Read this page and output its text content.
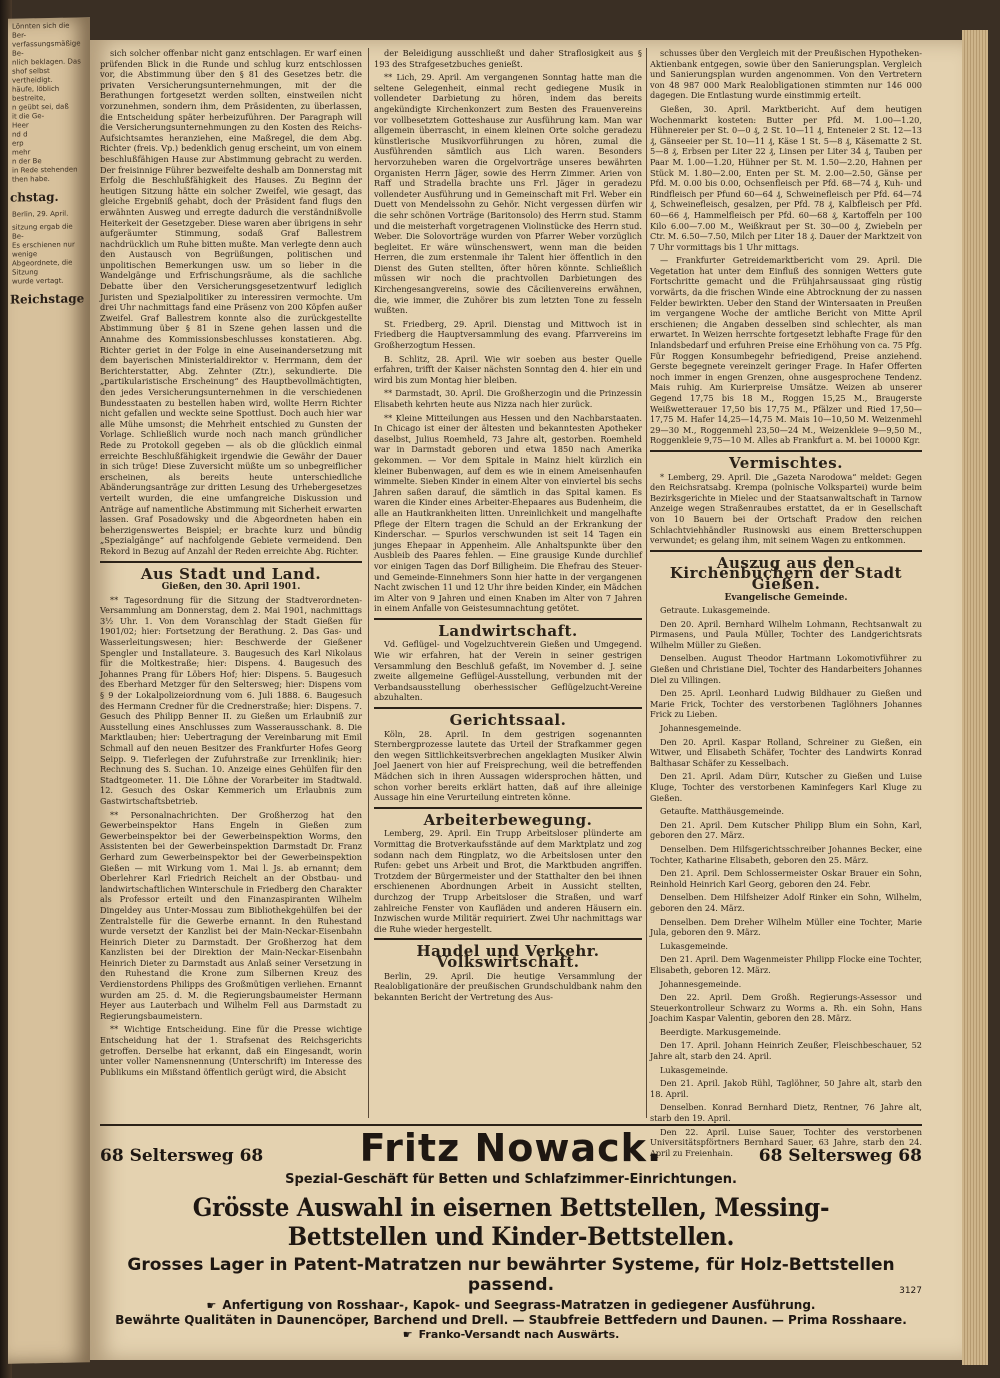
Lönnten sich die Ber-
verfassungsmäßige Be-
nlich beklagen. Das
shof selbst vertheidigt.
häufe, löblich bestreite,
n geübt sei, daß
it die Ge-
Heer
nd d
erp
mehr
n der Be
in Rede stehenden
then habe.
chstag.
Berlin, 29. April.
sitzung ergab die Be-
Es erschienen nur wenige
Abgeordnete, die Sitzung
wurde vertagt.
Reichstage

sich solcher offenbar nicht ganz entschlagen. Er warf einen prüfenden Blick in die Runde und schlug kurz entschlossen vor, die Abstimmung über den § 81 des Gesetzes betr. die privaten Versicherungsunternehmungen, mit der die Berathungen fortgesetzt werden sollten, einstweilen nicht vorzunehmen, sondern ihm, dem Präsidenten, zu überlassen, die Entscheidung später herbeizuführen. Der Paragraph will die Versicherungsunternehmungen zu den Kosten des Reichs-Aufsichtsamtes heranziehen, eine Maßregel, die dem Abg. Richter (freis. Vp.) bedenklich genug erscheint, um von einem beschlußfähigen Hause zur Abstimmung gebracht zu werden. Der freisinnige Führer bezweifelte deshalb am Donnerstag mit Erfolg die Beschlußfähigkeit des Hauses. Zu Beginn der heutigen Sitzung hätte ein solcher Zweifel, wie gesagt, das gleiche Ergebniß gehabt, doch der Präsident fand flugs den erwähnten Ausweg und erregte dadurch die verständnißvolle Heiterkeit der Gesetzgeber. Diese waren aber übrigens in sehr aufgeräumter Stimmung, sodaß Graf Ballestrem nachdrücklich um Ruhe bitten mußte. Man verlegte denn auch den Austausch von Begrüßungen, politischen und unpolitischen Bemerkungen usw. um so lieber in die Wandelgänge und Erfrischungsräume, als die sachliche Debatte über den Versicherungsgesetzentwurf lediglich Juristen und Spezialpolitiker zu interessiren vermochte. Um drei Uhr nachmittags fand eine Präsenz von 200 Köpfen außer Zweifel. Graf Ballestrem konnte also die zurückgestellte Abstimmung über § 81 in Szene gehen lassen und die Annahme des Kommissionsbeschlusses konstatieren. Abg. Richter geriet in der Folge in eine Auseinandersetzung mit dem bayerischen Ministerialdirektor v. Herrmann, dem der Berichterstatter, Abg. Zehnter (Ztr.), sekundierte. Die „partikularistische Erscheinung“ des Hauptbevollmächtigten, den jedes Versicherungsunternehmen in die verschiedenen Bundesstaaten zu bestellen haben wird, wollte Herrn Richter nicht gefallen und weckte seine Spottlust. Doch auch hier war alle Mühe umsonst; die Mehrheit entschied zu Gunsten der Vorlage. Schließlich wurde noch nach manch gründlicher Rede zu Protokoll gegeben — als ob die glücklich einmal erreichte Beschlußfähigkeit irgendwie die Gewähr der Dauer in sich trüge! Diese Zuversicht müßte um so unbegreiflicher erscheinen, als bereits heute unterschiedliche Abänderungsanträge zur dritten Lesung des Urhebergesetzes verteilt wurden, die eine umfangreiche Diskussion und Anträge auf namentliche Abstimmung mit Sicherheit erwarten lassen. Graf Posadowsky und die Abgeordneten haben ein beherzigenswertes Beispiel; er brachte kurz und bündig „Spezialgänge“ auf nachfolgende Gebiete vermeidend. Den Rekord in Bezug auf Anzahl der Reden erreichte Abg. Richter.

Aus Stadt und Land.
Gießen, den 30. April 1901.

** Tagesordnung für die Sitzung der Stadtverordneten-Versammlung am Donnerstag, dem 2. Mai 1901, nachmittags 3½ Uhr. 1. Von dem Voranschlag der Stadt Gießen für 1901/02; hier: Fortsetzung der Berathung. 2. Das Gas- und Wasserleitungswesen; hier: Beschwerde der Gießener Spengler und Installateure. 3. Baugesuch des Karl Nikolaus für die Moltkestraße; hier: Dispens. 4. Baugesuch des Johannes Prang für Löbers Hof; hier: Dispens. 5. Baugesuch des Eberhard Metzger für den Seltersweg; hier: Dispens vom § 9 der Lokalpolizeiordnung vom 6. Juli 1888. 6. Baugesuch des Hermann Credner für die Crednerstraße; hier: Dispens. 7. Gesuch des Philipp Benner II. zu Gießen um Erlaubniß zur Ausstellung eines Anschlusses zum Wasserausschank. 8. Die Marktlauben; hier: Uebertragung der Vereinbarung mit Emil Schmall auf den neuen Besitzer des Frankfurter Hofes Georg Seipp. 9. Tieferlegen der Zufuhrstraße zur Irrenklinik; hier: Rechnung des S. Suchan. 10. Anzeige eines Gehülfen für den Stadtgeometer. 11. Die Löhne der Vorarbeiter im Stadtwald. 12. Gesuch des Oskar Kemmerich um Erlaubnis zum Gastwirtschaftsbetrieb.

** Personalnachrichten. Der Großherzog hat den Gewerbeinspektor Hans Engeln in Gießen zum Gewerbeinspektor bei der Gewerbeinspektion Worms, den Assistenten bei der Gewerbeinspektion Darmstadt Dr. Franz Gerhard zum Gewerbeinspektor bei der Gewerbeinspektion Gießen — mit Wirkung vom 1. Mai l. Js. ab ernannt; dem Oberlehrer Karl Friedrich Reichelt an der Obstbau- und landwirtschaftlichen Winterschule in Friedberg den Charakter als Professor erteilt und den Finanzaspiranten Wilhelm Dingeldey aus Unter-Mossau zum Bibliothekgehülfen bei der Zentralstelle für die Gewerbe ernannt. In den Ruhestand wurde versetzt der Kanzlist bei der Main-Neckar-Eisenbahn Heinrich Dieter zu Darmstadt. Der Großherzog hat dem Kanzlisten bei der Direktion der Main-Neckar-Eisenbahn Heinrich Dieter zu Darmstadt aus Anlaß seiner Versetzung in den Ruhestand die Krone zum Silbernen Kreuz des Verdienstordens Philipps des Großmütigen verliehen. Ernannt wurden am 25. d. M. die Regierungsbaumeister Hermann Heyer aus Lauterbach und Wilhelm Fell aus Darmstadt zu Regierungsbaumeistern.

** Wichtige Entscheidung. Eine für die Presse wichtige Entscheidung hat der 1. Strafsenat des Reichsgerichts getroffen. Derselbe hat erkannt, daß ein Eingesandt, worin unter voller Namensnennung (Unterschrift) im Interesse des Publikums ein Mißstand öffentlich gerügt wird, die Absicht

der Beleidigung ausschließt und daher Straflosigkeit aus § 193 des Strafgesetzbuches genießt.

** Lich, 29. April. Am vergangenen Sonntag hatte man die seltene Gelegenheit, einmal recht gediegene Musik in vollendeter Darbietung zu hören, indem das bereits angekündigte Kirchenkonzert zum Besten des Frauenvereins vor vollbesetztem Gotteshause zur Ausführung kam. Man war allgemein überrascht, in einem kleinen Orte solche geradezu künstlerische Musikvorführungen zu hören, zumal die Ausführenden sämtlich aus Lich waren. Besonders hervorzuheben waren die Orgelvorträge unseres bewährten Organisten Herrn Jäger, sowie des Herrn Zimmer. Arien von Raff und Stradella brachte uns Frl. Jäger in geradezu vollendeter Ausführung und in Gemeinschaft mit Frl. Weber ein Duett von Mendelssohn zu Gehör. Nicht vergessen dürfen wir die sehr schönen Vorträge (Baritonsolo) des Herrn stud. Stamm und die meisterhaft vorgetragenen Violinstücke des Herrn stud. Weber. Die Solovorträge wurden von Pfarrer Weber vorzüglich begleitet. Er wäre wünschenswert, wenn man die beiden Herren, die zum erstenmale ihr Talent hier öffentlich in den Dienst des Guten stellten, öfter hören könnte. Schließlich müssen wir noch die prachtvollen Darbietungen des Kirchengesangvereins, sowie des Cäcilienvereins erwähnen, die, wie immer, die Zuhörer bis zum letzten Tone zu fesseln wußten.

St. Friedberg, 29. April. Dienstag und Mittwoch ist in Friedberg die Hauptversammlung des evang. Pfarrvereins im Großherzogtum Hessen.

B. Schlitz, 28. April. Wie wir soeben aus bester Quelle erfahren, trifft der Kaiser nächsten Sonntag den 4. hier ein und wird bis zum Montag hier bleiben.

** Darmstadt, 30. April. Die Großherzogin und die Prinzessin Elisabeth kehrten heute aus Nizza nach hier zurück.

** Kleine Mitteilungen aus Hessen und den Nachbarstaaten. In Chicago ist einer der ältesten und bekanntesten Apotheker daselbst, Julius Roemheld, 73 Jahre alt, gestorben. Roemheld war in Darmstadt geboren und etwa 1850 nach Amerika gekommen. — Vor dem Spitale in Mainz hielt kürzlich ein kleiner Bubenwagen, auf dem es wie in einem Ameisenhaufen wimmelte. Sieben Kinder in einem Alter von einviertel bis sechs Jahren saßen darauf, die sämtlich in das Spital kamen. Es waren die Kinder eines Arbeiter-Ehepaares aus Budenheim, die alle an Hautkrankheiten litten. Unreinlichkeit und mangelhafte Pflege der Eltern tragen die Schuld an der Erkrankung der Kinderschar. — Spurlos verschwunden ist seit 14 Tagen ein junges Ehepaar in Appenheim. Alle Anhaltspunkte über den Ausbleib des Paares fehlen. — Eine grausige Kunde durchlief vor einigen Tagen das Dorf Billigheim. Die Ehefrau des Steuer- und Gemeinde-Einnehmers Sonn hier hatte in der vergangenen Nacht zwischen 11 und 12 Uhr ihre beiden Kinder, ein Mädchen im Alter von 9 Jahren und einen Knaben im Alter von 7 Jahren in einem Anfalle von Geistesumnachtung getötet.

Landwirtschaft.

Vd. Geflügel- und Vogelzuchtverein Gießen und Umgegend. Wie wir erfahren, hat der Verein in seiner gestrigen Versammlung den Beschluß gefaßt, im November d. J. seine zweite allgemeine Geflügel-Ausstellung, verbunden mit der Verbandsausstellung oberhessischer Geflügelzucht-Vereine abzuhalten.

Gerichtssaal.

Köln, 28. April. In dem gestrigen sogenannten Sternbergprozesse lautete das Urteil der Strafkammer gegen den wegen Sittlichkeitsverbrechen angeklagten Musiker Alwin Joel Jaenert von hier auf Freisprechung, weil die betreffenden Mädchen sich in ihren Aussagen widersprochen hätten, und schon vorher bereits erklärt hatten, daß auf ihre alleinige Aussage hin eine Verurteilung eintreten könne.

Arbeiterbewegung.

Lemberg, 29. April. Ein Trupp Arbeitsloser plünderte am Vormittag die Brotverkaufsstände auf dem Marktplatz und zog sodann nach dem Ringplatz, wo die Arbeitslosen unter den Rufen: gebet uns Arbeit und Brot, die Marktbuden angriffen. Trotzdem der Bürgermeister und der Statthalter den bei ihnen erschienenen Abordnungen Arbeit in Aussicht stellten, durchzog der Trupp Arbeitsloser die Straßen, und warf zahlreiche Fenster von Kaufläden und anderen Häusern ein. Inzwischen wurde Militär requiriert. Zwei Uhr nachmittags war die Ruhe wieder hergestellt.

Handel und Verkehr. Volkswirtschaft.

Berlin, 29. April. Die heutige Versammlung der Realobligationäre der preußischen Grundschuldbank nahm den bekannten Bericht der Vertretung des Aus-

schusses über den Vergleich mit der Preußischen Hypotheken-Aktienbank entgegen, sowie über den Sanierungsplan. Vergleich und Sanierungsplan wurden angenommen. Von den Vertretern von 48 987 000 Mark Realobligationen stimmten nur 146 000 dagegen. Die Entlastung wurde einstimmig erteilt.

Gießen, 30. April. Marktbericht. Auf dem heutigen Wochenmarkt kosteten: Butter per Pfd. M. 1.00—1.20, Hühnereier per St. 0—0 ₰, 2 St. 10—11 ₰, Enteneier 2 St. 12—13 ₰, Gänseeier per St. 10—11 ₰, Käse 1 St. 5—8 ₰, Käsematte 2 St. 5—8 ₰, Erbsen per Liter 22 ₰, Linsen per Liter 34 ₰, Tauben per Paar M. 1.00—1.20, Hühner per St. M. 1.50—2.20, Hahnen per Stück M. 1.80—2.00, Enten per St. M. 2.00—2.50, Gänse per Pfd. M. 0.00 bis 0.00, Ochsenfleisch per Pfd. 68—74 ₰, Kuh- und Rindfleisch per Pfund 60—64 ₰, Schweinefleisch per Pfd. 64—74 ₰, Schweinefleisch, gesalzen, per Pfd. 78 ₰, Kalbfleisch per Pfd. 60—66 ₰, Hammelfleisch per Pfd. 60—68 ₰, Kartoffeln per 100 Kilo 6.00—7.00 M., Weißkraut per St. 30—00 ₰, Zwiebeln per Ctr. M. 6.50—7.50, Milch per Liter 18 ₰. Dauer der Marktzeit von 7 Uhr vormittags bis 1 Uhr mittags.

— Frankfurter Getreidemarktbericht vom 29. April. Die Vegetation hat unter dem Einfluß des sonnigen Wetters gute Fortschritte gemacht und die Frühjahrsaussaat ging rüstig vorwärts, da die frischen Winde eine Abtrocknung der zu nassen Felder bewirkten. Ueber den Stand der Wintersaaten in Preußen im vergangene Woche der amtliche Bericht von Mitte April erschienen; die Angaben desselben sind schlechter, als man erwartet. In Weizen herrschte fortgesetzt lebhafte Frage für den Inlandsbedarf und erfuhren Preise eine Erhöhung von ca. 75 Pfg. Für Roggen Konsumbegehr befriedigend, Preise anziehend. Gerste begegnete vereinzelt geringer Frage. In Hafer Offerten noch immer in engen Grenzen, ohne ausgesprochene Tendenz. Mais ruhig. Am Kurierpreise Umsätze. Weizen ab unserer Gegend 17,75 bis 18 M., Roggen 15,25 M., Braugerste Weißwetterauer 17,50 bis 17,75 M., Pfälzer und Ried 17,50—17,75 M. Hafer 14,25—14,75 M. Mais 10—10,50 M. Weizenmehl 29—30 M., Roggenmehl 23,50—24 M., Weizenkleie 9—9,50 M., Roggenkleie 9,75—10 M. Alles ab Frankfurt a. M. bei 10000 Kgr.

Vermischtes.

* Lemberg, 29. April. Die „Gazeta Narodowa“ meldet: Gegen den Reichsratsabg. Krempa (polnische Volkspartei) wurde beim Bezirksgerichte in Mielec und der Staatsanwaltschaft in Tarnow Anzeige wegen Straßenraubes erstattet, da er in Gesellschaft von 10 Bauern bei der Ortschaft Pradow den reichen Schlachtviehhändler Rusinowski aus einem Bretterschuppen verwundet; es gelang ihm, mit seinem Wagen zu entkommen.

Auszug aus den Kirchenbüchern der Stadt Gießen.
Evangelische Gemeinde.

Getraute. Lukasgemeinde.

Den 20. April. Bernhard Wilhelm Lohmann, Rechtsanwalt zu Pirmasens, und Paula Müller, Tochter des Landgerichtsrats Wilhelm Müller zu Gießen.

Denselben. August Theodor Hartmann Lokomotivführer zu Gießen und Christiane Diel, Tochter des Handarbeiters Johannes Diel zu Villingen.

Den 25. April. Leonhard Ludwig Bildhauer zu Gießen und Marie Frick, Tochter des verstorbenen Taglöhners Johannes Frick zu Lieben.

Johannesgemeinde.

Den 20. April. Kaspar Rolland, Schreiner zu Gießen, ein Witwer, und Elisabeth Schäfer, Tochter des Landwirts Konrad Balthasar Schäfer zu Kesselbach.

Den 21. April. Adam Dürr, Kutscher zu Gießen und Luise Kluge, Tochter des verstorbenen Kaminfegers Karl Kluge zu Gießen.

Getaufte. Matthäusgemeinde.

Den 21. April. Dem Kutscher Philipp Blum ein Sohn, Karl, geboren den 27. März.

Denselben. Dem Hilfsgerichtsschreiber Johannes Becker, eine Tochter, Katharine Elisabeth, geboren den 25. März.

Den 21. April. Dem Schlossermeister Oskar Brauer ein Sohn, Reinhold Heinrich Karl Georg, geboren den 24. Febr.

Denselben. Dem Hilfsheizer Adolf Rinker ein Sohn, Wilhelm, geboren den 24. März.

Denselben. Dem Dreher Wilhelm Müller eine Tochter, Marie Jula, geboren den 9. März.

Lukasgemeinde.

Den 21. April. Dem Wagenmeister Philipp Flocke eine Tochter, Elisabeth, geboren 12. März.

Johannesgemeinde.

Den 22. April. Dem Großh. Regierungs-Assessor und Steuerkontrolleur Schwarz zu Worms a. Rh. ein Sohn, Hans Joachim Kaspar Valentin, geboren den 28. März.

Beerdigte. Markusgemeinde.

Den 17. April. Johann Heinrich Zeußer, Fleischbeschauer, 52 Jahre alt, starb den 24. April.

Lukasgemeinde.

Den 21. April. Jakob Rühl, Taglöhner, 50 Jahre alt, starb den 18. April.

Denselben. Konrad Bernhard Dietz, Rentner, 76 Jahre alt, starb den 19. April.

Den 22. April. Luise Sauer, Tochter des verstorbenen Universitätspförtners Bernhard Sauer, 63 Jahre, starb den 24. April zu Freienhain.

68 Seltersweg 68	Fritz Nowack.	68 Seltersweg 68
Spezial-Geschäft für Betten und Schlafzimmer-Einrichtungen.
Grösste Auswahl in eisernen Bettstellen, Messing-Bettstellen und Kinder-Bettstellen.
Grosses Lager in Patent-Matratzen nur bewährter Systeme, für Holz-Bettstellen passend.
☛ Anfertigung von Rosshaar-, Kapok- und Seegrass-Matratzen in gediegener Ausführung.
Bewährte Qualitäten in Daunencöper, Barchend und Drell. — Staubfreie Bettfedern und Daunen. — Prima Rosshaare.
☛ Franko-Versandt nach Auswärts.
3127
